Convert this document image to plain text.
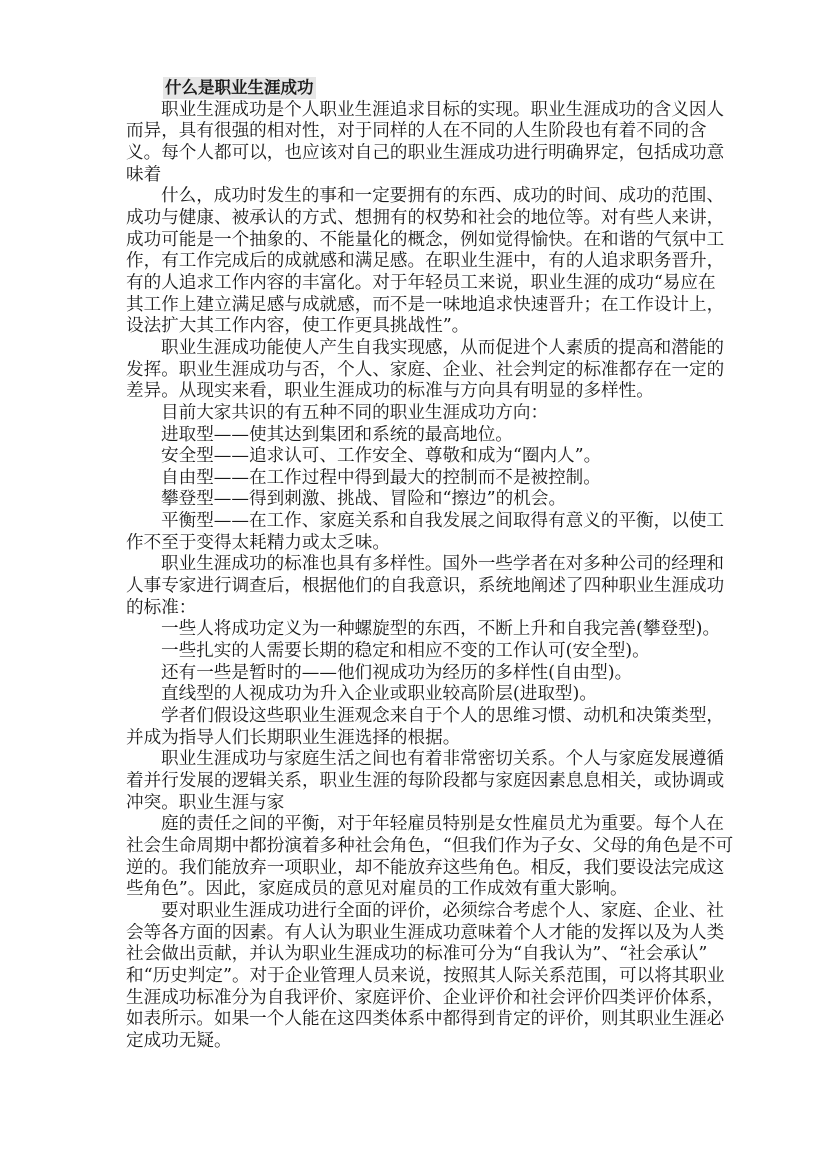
什么是职业生涯成功
职业生涯成功是个人职业生涯追求目标的实现。职业生涯成功的含义因人
而异，具有很强的相对性，对于同样的人在不同的人生阶段也有着不同的含
义。每个人都可以，也应该对自己的职业生涯成功进行明确界定，包括成功意
味着
什么，成功时发生的事和一定要拥有的东西、成功的时间、成功的范围、
成功与健康、被承认的方式、想拥有的权势和社会的地位等。对有些人来讲，
成功可能是一个抽象的、不能量化的概念，例如觉得愉快。在和谐的气氛中工
作，有工作完成后的成就感和满足感。在职业生涯中，有的人追求职务晋升，
有的人追求工作内容的丰富化。对于年轻员工来说，职业生涯的成功“易应在
其工作上建立满足感与成就感，而不是一味地追求快速晋升；在工作设计上，
设法扩大其工作内容，使工作更具挑战性”。
职业生涯成功能使人产生自我实现感，从而促进个人素质的提高和潜能的
发挥。职业生涯成功与否，个人、家庭、企业、社会判定的标准都存在一定的
差异。从现实来看，职业生涯成功的标准与方向具有明显的多样性。
目前大家共识的有五种不同的职业生涯成功方向：
进取型——使其达到集团和系统的最高地位。
安全型——追求认可、工作安全、尊敬和成为“圈内人”。
自由型——在工作过程中得到最大的控制而不是被控制。
攀登型——得到刺激、挑战、冒险和“擦边”的机会。
平衡型——在工作、家庭关系和自我发展之间取得有意义的平衡，以使工
作不至于变得太耗精力或太乏味。
职业生涯成功的标准也具有多样性。国外一些学者在对多种公司的经理和
人事专家进行调查后，根据他们的自我意识，系统地阐述了四种职业生涯成功
的标准：
一些人将成功定义为一种螺旋型的东西，不断上升和自我完善(攀登型)。
一些扎实的人需要长期的稳定和相应不变的工作认可(安全型)。
还有一些是暂时的——他们视成功为经历的多样性(自由型)。
直线型的人视成功为升入企业或职业较高阶层(进取型)。
学者们假设这些职业生涯观念来自于个人的思维习惯、动机和决策类型，
并成为指导人们长期职业生涯选择的根据。
职业生涯成功与家庭生活之间也有着非常密切关系。个人与家庭发展遵循
着并行发展的逻辑关系，职业生涯的每阶段都与家庭因素息息相关，或协调或
冲突。职业生涯与家
庭的责任之间的平衡，对于年轻雇员特别是女性雇员尤为重要。每个人在
社会生命周期中都扮演着多种社会角色，“但我们作为子女、父母的角色是不可
逆的。我们能放弃一项职业，却不能放弃这些角色。相反，我们要设法完成这
些角色”。因此，家庭成员的意见对雇员的工作成效有重大影响。
要对职业生涯成功进行全面的评价，必须综合考虑个人、家庭、企业、社
会等各方面的因素。有人认为职业生涯成功意味着个人才能的发挥以及为人类
社会做出贡献，并认为职业生涯成功的标准可分为“自我认为”、“社会承认”
和“历史判定”。对于企业管理人员来说，按照其人际关系范围，可以将其职业
生涯成功标准分为自我评价、家庭评价、企业评价和社会评价四类评价体系，
如表所示。如果一个人能在这四类体系中都得到肯定的评价，则其职业生涯必
定成功无疑。
